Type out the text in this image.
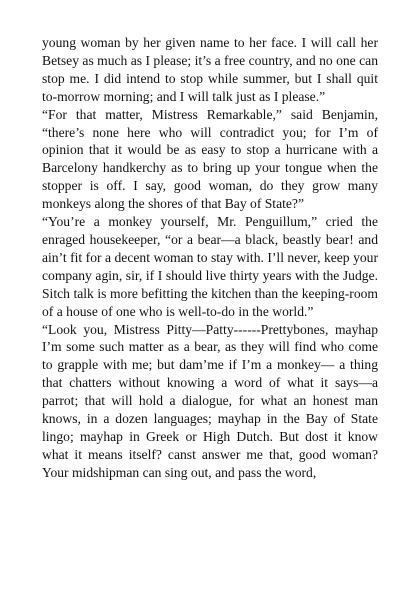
young woman by her given name to her face. I will call her Betsey as much as I please; it’s a free country, and no one can stop me. I did intend to stop while summer, but I shall quit to-morrow morning; and I will talk just as I please.”

“For that matter, Mistress Remarkable,” said Benjamin, “there’s none here who will contradict you; for I’m of opinion that it would be as easy to stop a hurricane with a Barcelony handkerchy as to bring up your tongue when the stopper is off. I say, good woman, do they grow many monkeys along the shores of that Bay of State?”

“You’re a monkey yourself, Mr. Penguillum,” cried the enraged housekeeper, “or a bear—a black, beastly bear! and ain’t fit for a decent woman to stay with. I’ll never, keep your company agin, sir, if I should live thirty years with the Judge. Sitch talk is more befitting the kitchen than the keeping-room of a house of one who is well-to-do in the world.”

“Look you, Mistress Pitty—Patty------Prettybones, mayhap I’m some such matter as a bear, as they will find who come to grapple with me; but dam’me if I’m a monkey— a thing that chatters without knowing a word of what it says—a parrot; that will hold a dialogue, for what an honest man knows, in a dozen languages; mayhap in the Bay of State lingo; mayhap in Greek or High Dutch. But dost it know what it means itself? canst answer me that, good woman? Your midshipman can sing out, and pass the word,
